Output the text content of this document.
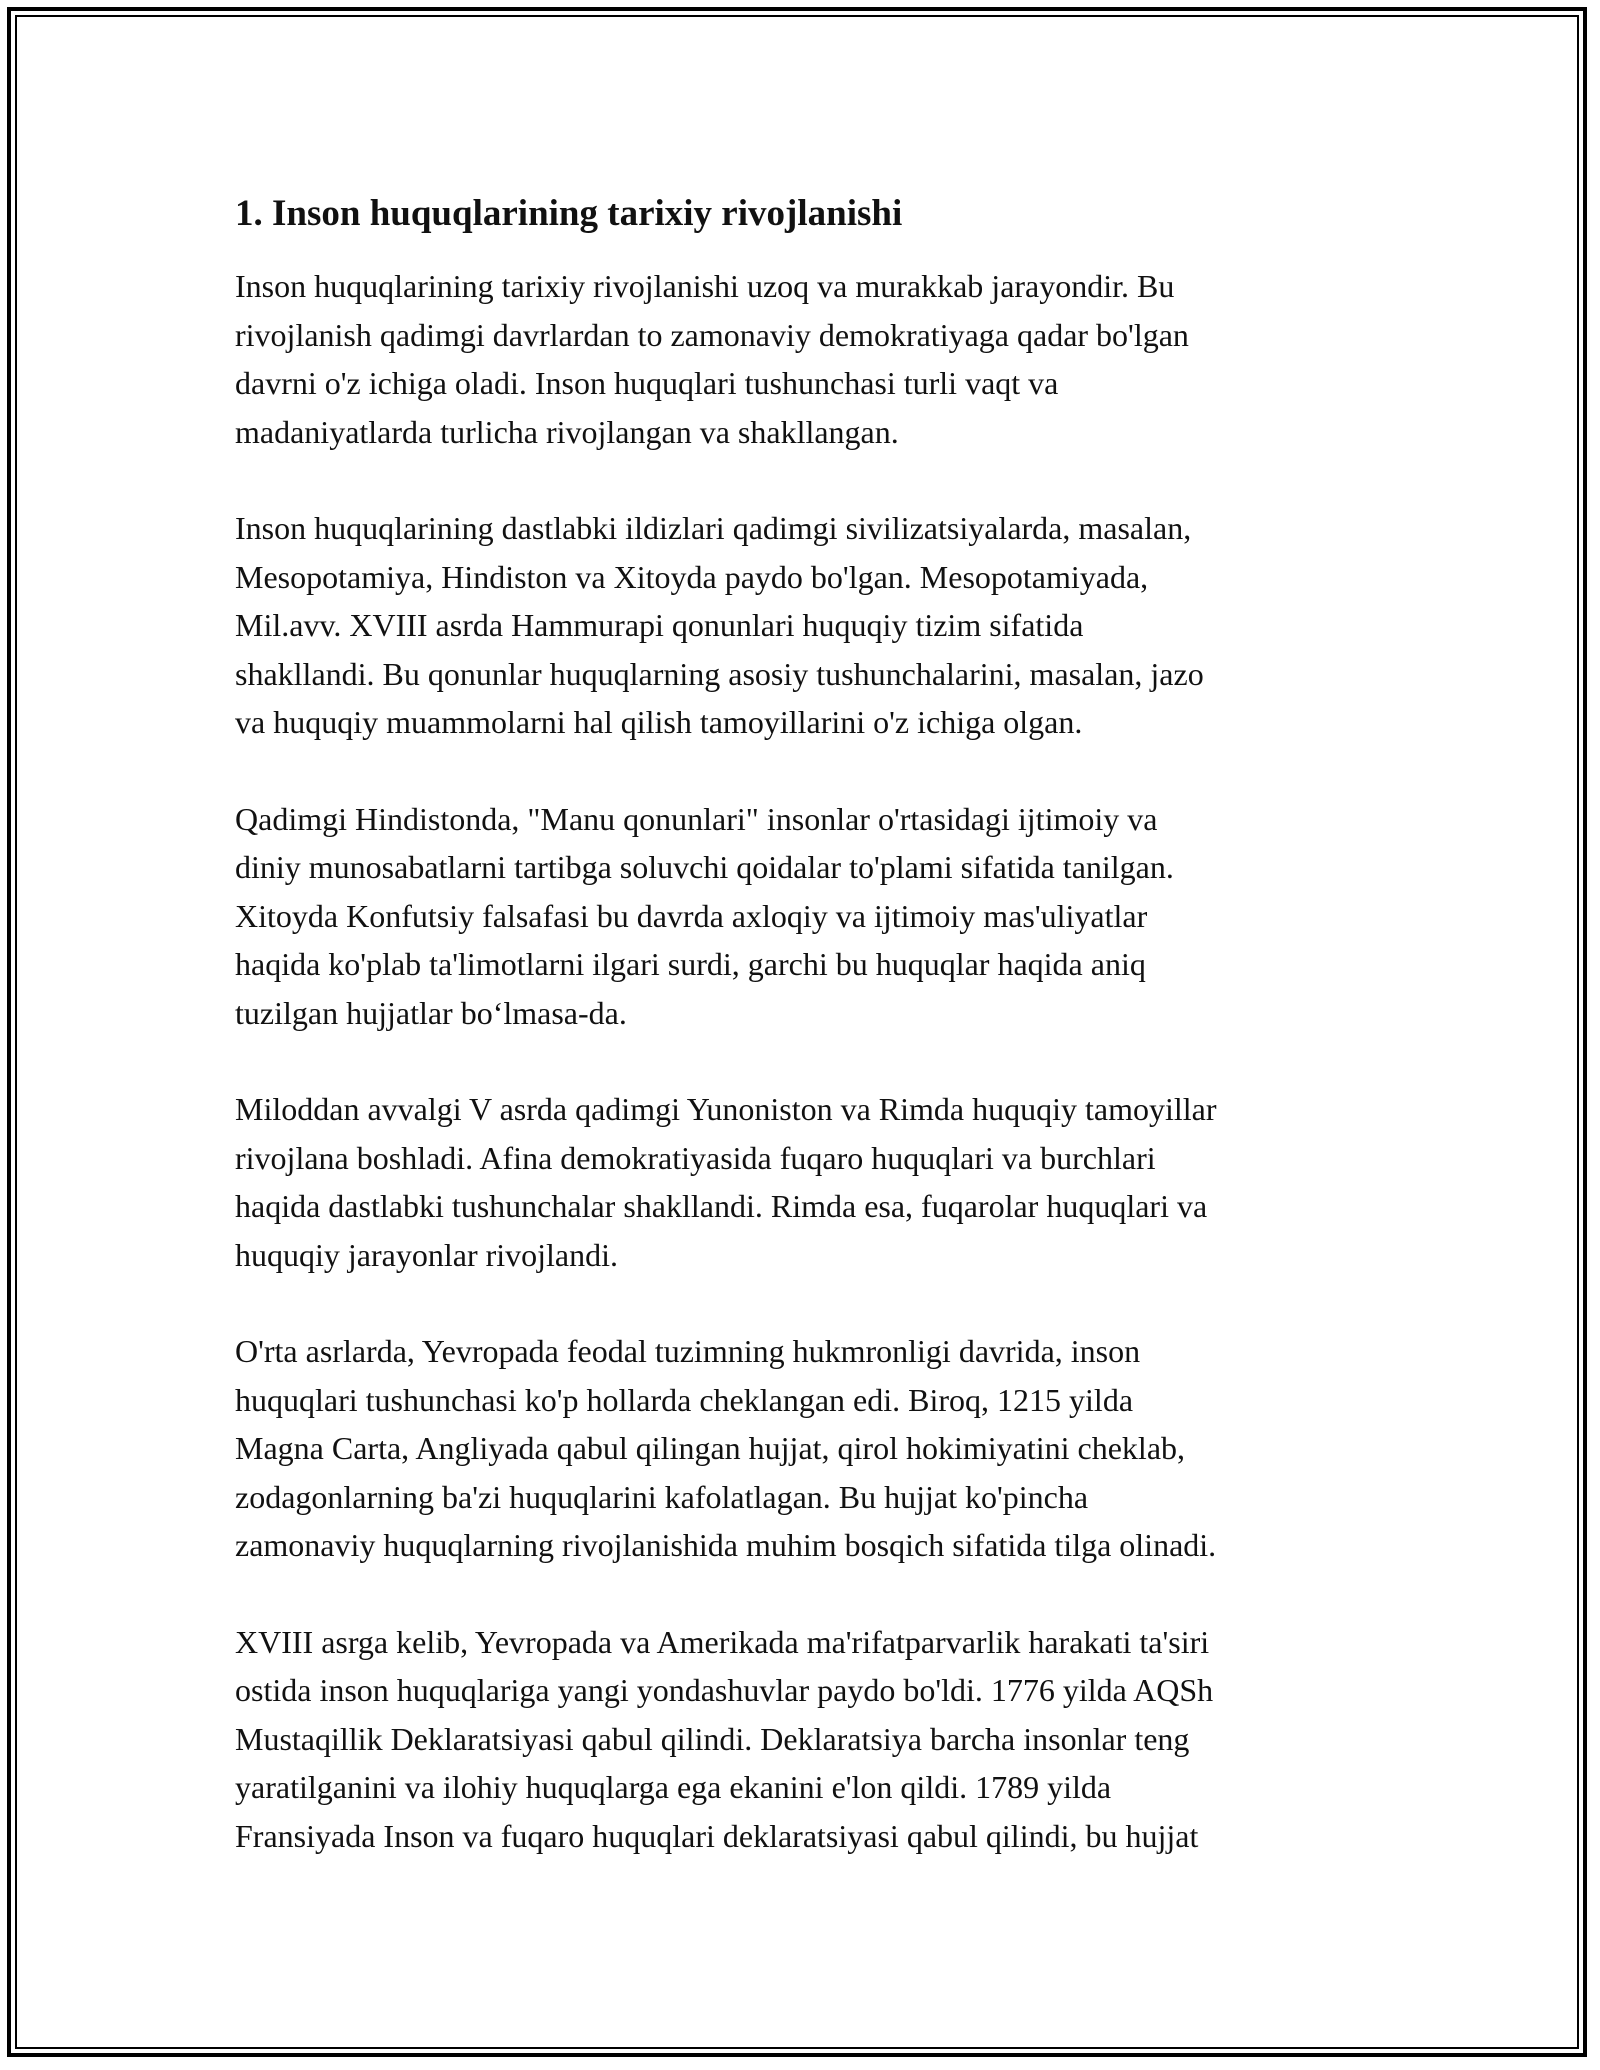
1. Inson huquqlarining tarixiy rivojlanishi

Inson huquqlarining tarixiy rivojlanishi uzoq va murakkab jarayondir. Bu
rivojlanish qadimgi davrlardan to zamonaviy demokratiyaga qadar bo'lgan
davrni o'z ichiga oladi. Inson huquqlari tushunchasi turli vaqt va
madaniyatlarda turlicha rivojlangan va shakllangan.

Inson huquqlarining dastlabki ildizlari qadimgi sivilizatsiyalarda, masalan,
Mesopotamiya, Hindiston va Xitoyda paydo bo'lgan. Mesopotamiyada,
Mil.avv. XVIII asrda Hammurapi qonunlari huquqiy tizim sifatida
shakllandi. Bu qonunlar huquqlarning asosiy tushunchalarini, masalan, jazo
va huquqiy muammolarni hal qilish tamoyillarini o'z ichiga olgan.

Qadimgi Hindistonda, "Manu qonunlari" insonlar o'rtasidagi ijtimoiy va
diniy munosabatlarni tartibga soluvchi qoidalar to'plami sifatida tanilgan.
Xitoyda Konfutsiy falsafasi bu davrda axloqiy va ijtimoiy mas'uliyatlar
haqida ko'plab ta'limotlarni ilgari surdi, garchi bu huquqlar haqida aniq
tuzilgan hujjatlar bo‘lmasa-da.

Miloddan avvalgi V asrda qadimgi Yunoniston va Rimda huquqiy tamoyillar
rivojlana boshladi. Afina demokratiyasida fuqaro huquqlari va burchlari
haqida dastlabki tushunchalar shakllandi. Rimda esa, fuqarolar huquqlari va
huquqiy jarayonlar rivojlandi.

O'rta asrlarda, Yevropada feodal tuzimning hukmronligi davrida, inson
huquqlari tushunchasi ko'p hollarda cheklangan edi. Biroq, 1215 yilda
Magna Carta, Angliyada qabul qilingan hujjat, qirol hokimiyatini cheklab,
zodagonlarning ba'zi huquqlarini kafolatlagan. Bu hujjat ko'pincha
zamonaviy huquqlarning rivojlanishida muhim bosqich sifatida tilga olinadi.

XVIII asrga kelib, Yevropada va Amerikada ma'rifatparvarlik harakati ta'siri
ostida inson huquqlariga yangi yondashuvlar paydo bo'ldi. 1776 yilda AQSh
Mustaqillik Deklaratsiyasi qabul qilindi. Deklaratsiya barcha insonlar teng
yaratilganini va ilohiy huquqlarga ega ekanini e'lon qildi. 1789 yilda
Fransiyada Inson va fuqaro huquqlari deklaratsiyasi qabul qilindi, bu hujjat
